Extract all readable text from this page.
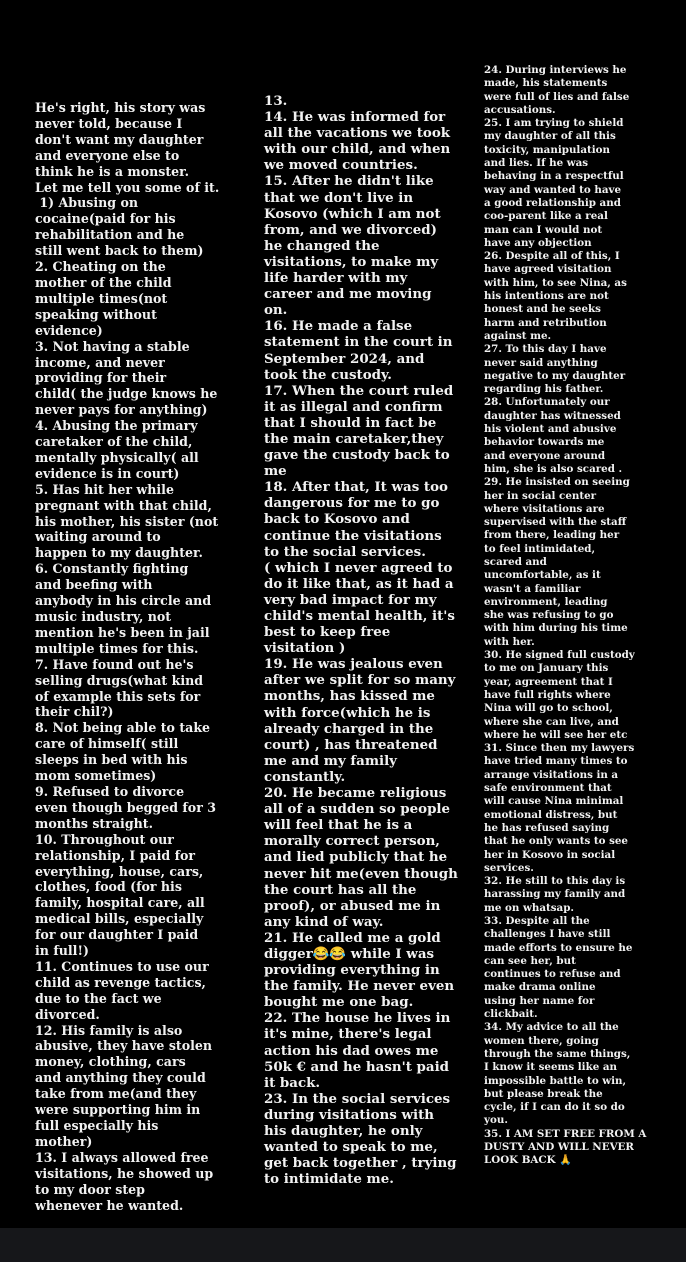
He's right, his story was
never told, because I
don't want my daughter
and everyone else to
think he is a monster.
Let me tell you some of it.
1) Abusing on
cocaine(paid for his
rehabilitation and he
still went back to them)
2. Cheating on the
mother of the child
multiple times(not
speaking without
evidence)
3. Not having a stable
income, and never
providing for their
child( the judge knows he
never pays for anything)
4. Abusing the primary
caretaker of the child,
mentally physically( all
evidence is in court)
5. Has hit her while
pregnant with that child,
his mother, his sister (not
waiting around to
happen to my daughter.
6. Constantly fighting
and beefing with
anybody in his circle and
music industry, not
mention he's been in jail
multiple times for this.
7. Have found out he's
selling drugs(what kind
of example this sets for
their chil?)
8. Not being able to take
care of himself( still
sleeps in bed with his
mom sometimes)
9. Refused to divorce
even though begged for 3
months straight.
10. Throughout our
relationship, I paid for
everything, house, cars,
clothes, food (for his
family, hospital care, all
medical bills, especially
for our daughter I paid
in full!)
11. Continues to use our
child as revenge tactics,
due to the fact we
divorced.
12. His family is also
abusive, they have stolen
money, clothing, cars
and anything they could
take from me(and they
were supporting him in
full especially his
mother)
13. I always allowed free
visitations, he showed up
to my door step
whenever he wanted.

13.
14. He was informed for
all the vacations we took
with our child, and when
we moved countries.
15. After he didn't like
that we don't live in
Kosovo (which I am not
from, and we divorced)
he changed the
visitations, to make my
life harder with my
career and me moving
on.
16. He made a false
statement in the court in
September 2024, and
took the custody.
17. When the court ruled
it as illegal and confirm
that I should in fact be
the main caretaker,they
gave the custody back to
me
18. After that, It was too
dangerous for me to go
back to Kosovo and
continue the visitations
to the social services.
( which I never agreed to
do it like that, as it had a
very bad impact for my
child's mental health, it's
best to keep free
visitation )
19. He was jealous even
after we split for so many
months, has kissed me
with force(which he is
already charged in the
court) , has threatened
me and my family
constantly.
20. He became religious
all of a sudden so people
will feel that he is a
morally correct person,
and lied publicly that he
never hit me(even though
the court has all the
proof), or abused me in
any kind of way.
21. He called me a gold
digger😂😂 while I was
providing everything in
the family. He never even
bought me one bag.
22. The house he lives in
it's mine, there's legal
action his dad owes me
50k € and he hasn't paid
it back.
23. In the social services
during visitations with
his daughter, he only
wanted to speak to me,
get back together , trying
to intimidate me.

24. During interviews he
made, his statements
were full of lies and false
accusations.
25. I am trying to shield
my daughter of all this
toxicity, manipulation
and lies. If he was
behaving in a respectful
way and wanted to have
a good relationship and
coo-parent like a real
man can I would not
have any objection
26. Despite all of this, I
have agreed visitation
with him, to see Nina, as
his intentions are not
honest and he seeks
harm and retribution
against me.
27. To this day I have
never said anything
negative to my daughter
regarding his father.
28. Unfortunately our
daughter has witnessed
his violent and abusive
behavior towards me
and everyone around
him, she is also scared .
29. He insisted on seeing
her in social center
where visitations are
supervised with the staff
from there, leading her
to feel intimidated,
scared and
uncomfortable, as it
wasn't a familiar
environment, leading
she was refusing to go
with him during his time
with her.
30. He signed full custody
to me on January this
year, agreement that I
have full rights where
Nina will go to school,
where she can live, and
where he will see her etc
31. Since then my lawyers
have tried many times to
arrange visitations in a
safe environment that
will cause Nina minimal
emotional distress, but
he has refused saying
that he only wants to see
her in Kosovo in social
services.
32. He still to this day is
harassing my family and
me on whatsap.
33. Despite all the
challenges I have still
made efforts to ensure he
can see her, but
continues to refuse and
make drama online
using her name for
clickbait.
34. My advice to all the
women there, going
through the same things,
I know it seems like an
impossible battle to win,
but please break the
cycle, if I can do it so do
you.
35. I AM SET FREE FROM A
DUSTY AND WILL NEVER
LOOK BACK 🙏
